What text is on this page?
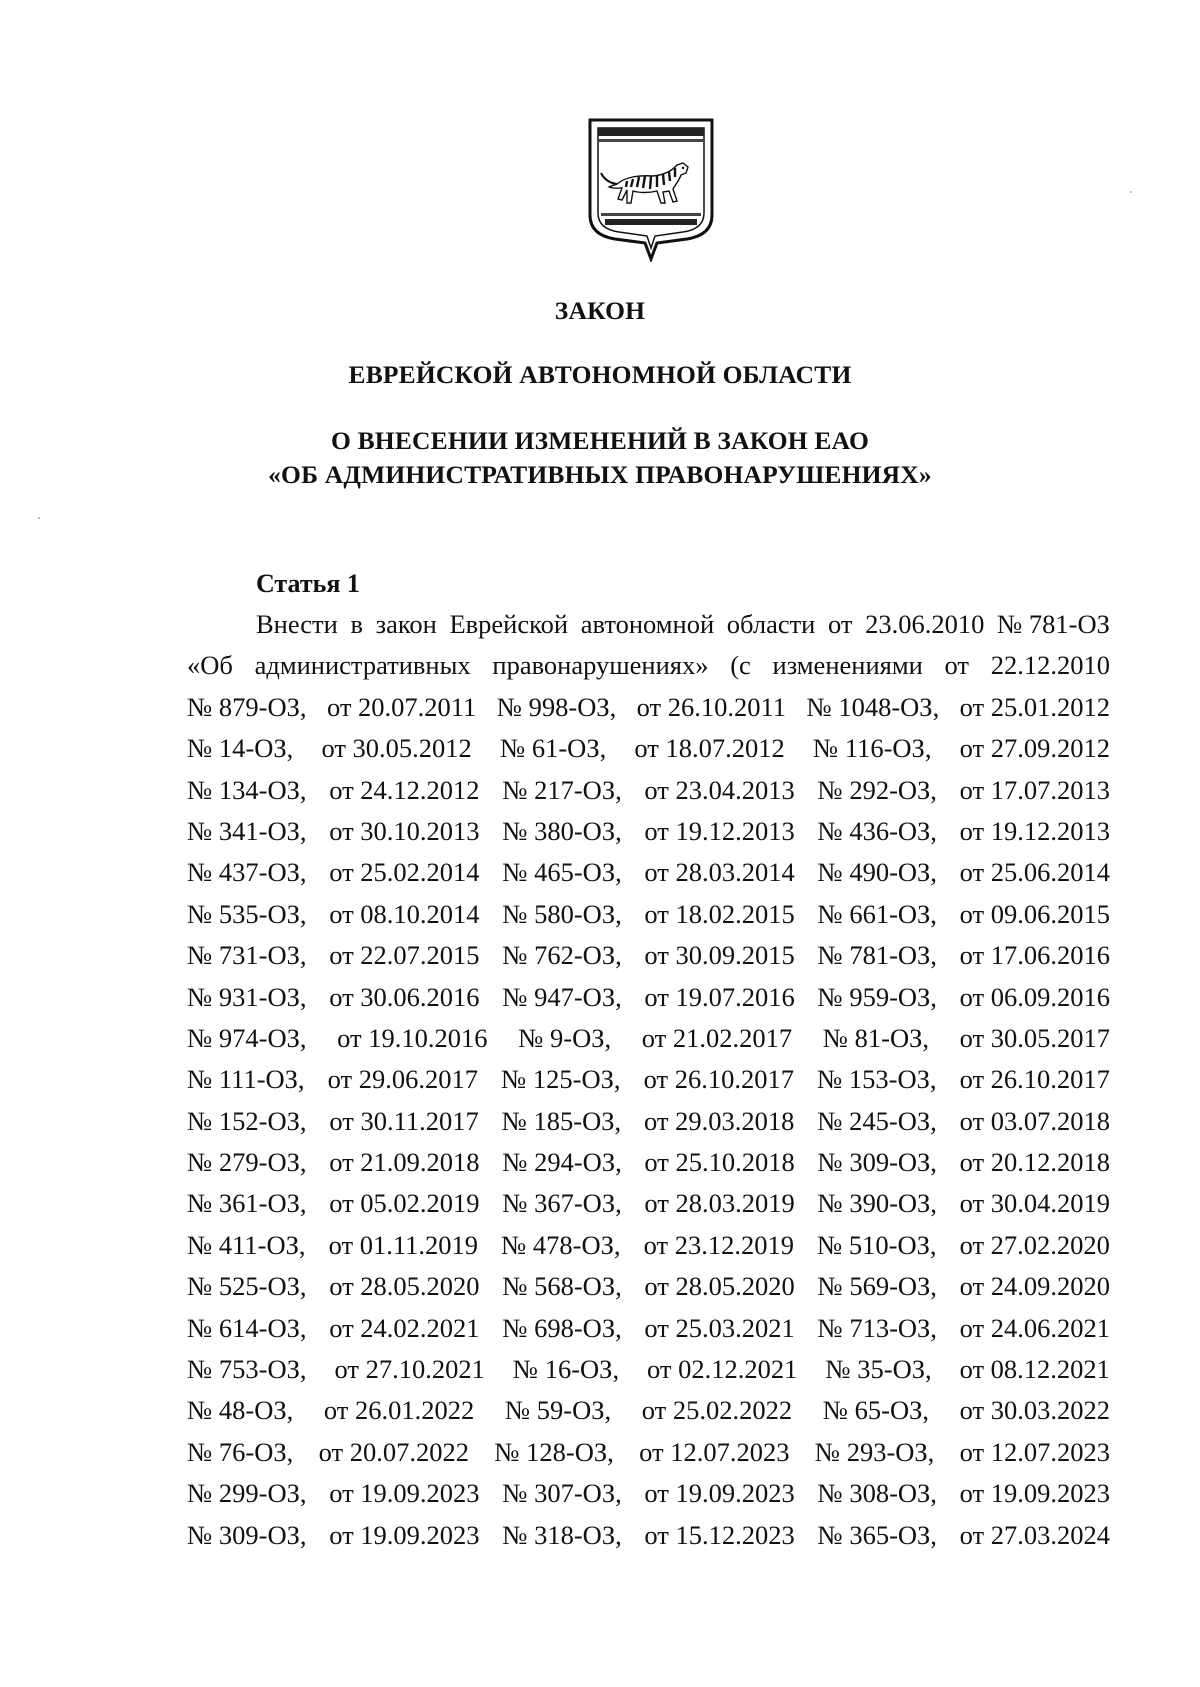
ЗАКОН
ЕВРЕЙСКОЙ АВТОНОМНОЙ ОБЛАСТИ
О ВНЕСЕНИИ ИЗМЕНЕНИЙ В ЗАКОН ЕАО
«ОБ АДМИНИСТРАТИВНЫХ ПРАВОНАРУШЕНИЯХ»
Статья 1
Внести в закон Еврейской автономной области от 23.06.2010 № 781-ОЗ
«Об административных правонарушениях» (с изменениями от 22.12.2010
№ 879-ОЗ, от 20.07.2011 № 998-ОЗ, от 26.10.2011 № 1048-ОЗ, от 25.01.2012
№ 14-ОЗ, от 30.05.2012 № 61-ОЗ, от 18.07.2012 № 116-ОЗ, от 27.09.2012
№ 134-ОЗ, от 24.12.2012 № 217-ОЗ, от 23.04.2013 № 292-ОЗ, от 17.07.2013
№ 341-ОЗ, от 30.10.2013 № 380-ОЗ, от 19.12.2013 № 436-ОЗ, от 19.12.2013
№ 437-ОЗ, от 25.02.2014 № 465-ОЗ, от 28.03.2014 № 490-ОЗ, от 25.06.2014
№ 535-ОЗ, от 08.10.2014 № 580-ОЗ, от 18.02.2015 № 661-ОЗ, от 09.06.2015
№ 731-ОЗ, от 22.07.2015 № 762-ОЗ, от 30.09.2015 № 781-ОЗ, от 17.06.2016
№ 931-ОЗ, от 30.06.2016 № 947-ОЗ, от 19.07.2016 № 959-ОЗ, от 06.09.2016
№ 974-ОЗ, от 19.10.2016 № 9-ОЗ, от 21.02.2017 № 81-ОЗ, от 30.05.2017
№ 111-ОЗ, от 29.06.2017 № 125-ОЗ, от 26.10.2017 № 153-ОЗ, от 26.10.2017
№ 152-ОЗ, от 30.11.2017 № 185-ОЗ, от 29.03.2018 № 245-ОЗ, от 03.07.2018
№ 279-ОЗ, от 21.09.2018 № 294-ОЗ, от 25.10.2018 № 309-ОЗ, от 20.12.2018
№ 361-ОЗ, от 05.02.2019 № 367-ОЗ, от 28.03.2019 № 390-ОЗ, от 30.04.2019
№ 411-ОЗ, от 01.11.2019 № 478-ОЗ, от 23.12.2019 № 510-ОЗ, от 27.02.2020
№ 525-ОЗ, от 28.05.2020 № 568-ОЗ, от 28.05.2020 № 569-ОЗ, от 24.09.2020
№ 614-ОЗ, от 24.02.2021 № 698-ОЗ, от 25.03.2021 № 713-ОЗ, от 24.06.2021
№ 753-ОЗ, от 27.10.2021 № 16-ОЗ, от 02.12.2021 № 35-ОЗ, от 08.12.2021
№ 48-ОЗ, от 26.01.2022 № 59-ОЗ, от 25.02.2022 № 65-ОЗ, от 30.03.2022
№ 76-ОЗ, от 20.07.2022 № 128-ОЗ, от 12.07.2023 № 293-ОЗ, от 12.07.2023
№ 299-ОЗ, от 19.09.2023 № 307-ОЗ, от 19.09.2023 № 308-ОЗ, от 19.09.2023
№ 309-ОЗ, от 19.09.2023 № 318-ОЗ, от 15.12.2023 № 365-ОЗ, от 27.03.2024
